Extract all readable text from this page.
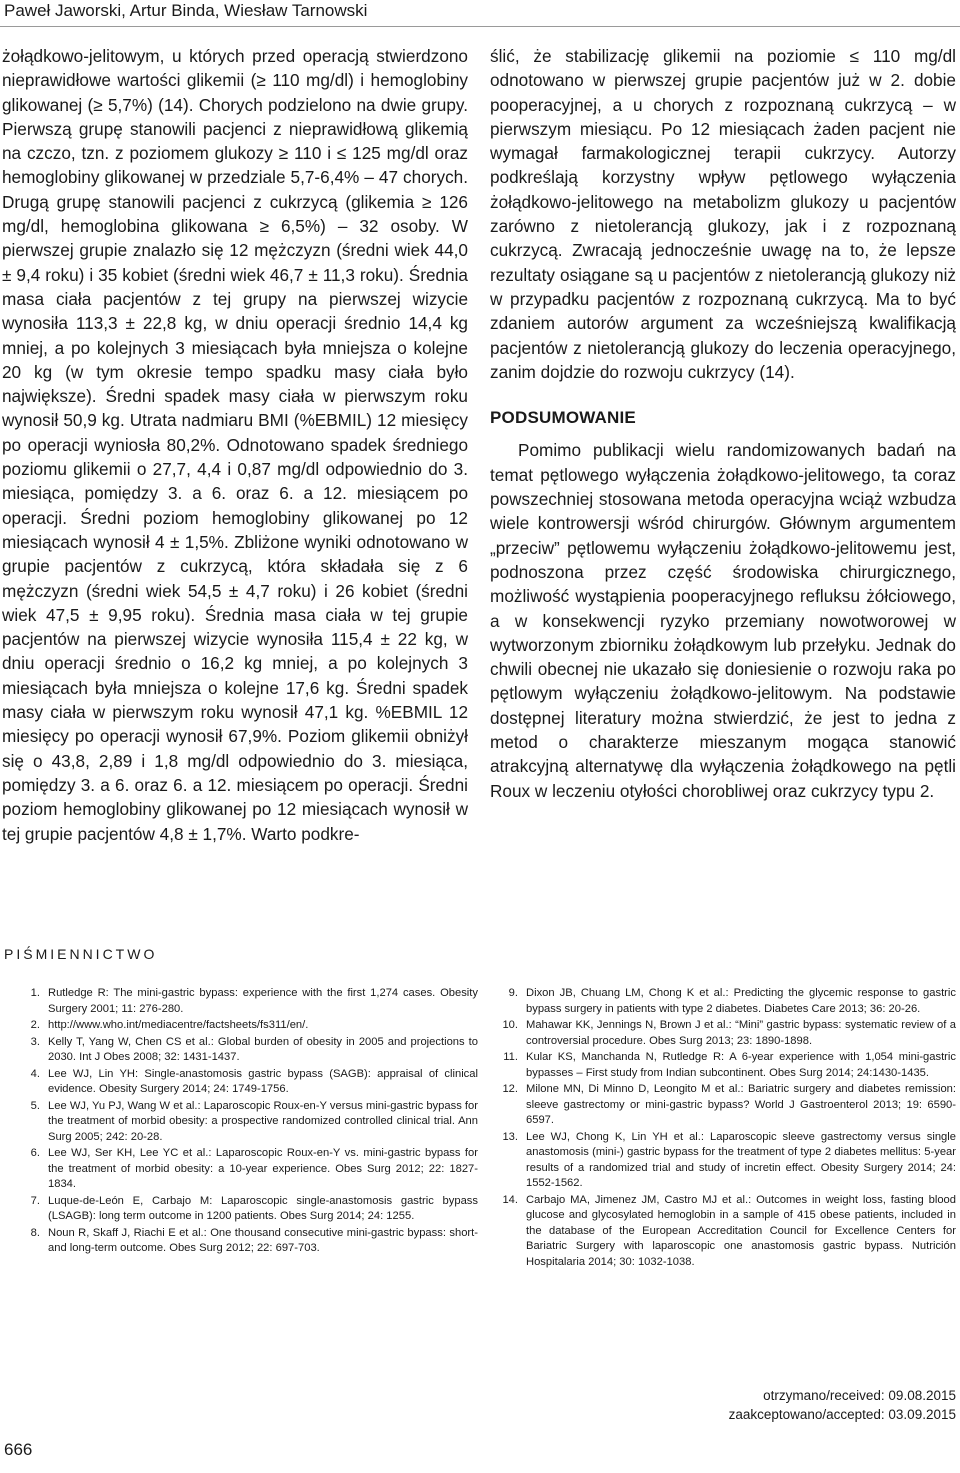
Paweł Jaworski, Artur Binda, Wiesław Tarnowski

żołądkowo-jelitowym, u których przed operacją stwierdzono nieprawidłowe wartości glikemii (≥ 110 mg/dl) i hemoglobiny glikowanej (≥ 5,7%) (14). Chorych podzielono na dwie grupy. Pierwszą grupę stanowili pacjenci z nieprawidłową glikemią na czczo, tzn. z poziomem glukozy ≥ 110 i ≤ 125 mg/dl oraz hemoglobiny glikowanej w przedziale 5,7-6,4% – 47 chorych. Drugą grupę stanowili pacjenci z cukrzycą (glikemia ≥ 126 mg/dl, hemoglobina glikowana ≥ 6,5%) – 32 osoby. W pierwszej grupie znalazło się 12 mężczyzn (średni wiek 44,0 ± 9,4 roku) i 35 kobiet (średni wiek 46,7 ± 11,3 roku). Średnia masa ciała pacjentów z tej grupy na pierwszej wizycie wynosiła 113,3 ± 22,8 kg, w dniu operacji średnio 14,4 kg mniej, a po kolejnych 3 miesiącach była mniejsza o kolejne 20 kg (w tym okresie tempo spadku masy ciała było największe). Średni spadek masy ciała w pierwszym roku wynosił 50,9 kg. Utrata nadmiaru BMI (%EBMIL) 12 miesięcy po operacji wyniosła 80,2%. Odnotowano spadek średniego poziomu glikemii o 27,7, 4,4 i 0,87 mg/dl odpowiednio do 3. miesiąca, pomiędzy 3. a 6. oraz 6. a 12. miesiącem po operacji. Średni poziom hemoglobiny glikowanej po 12 miesiącach wynosił 4 ± 1,5%. Zbliżone wyniki odnotowano w grupie pacjentów z cukrzycą, która składała się z 6 mężczyzn (średni wiek 54,5 ± 4,7 roku) i 26 kobiet (średni wiek 47,5 ± 9,95 roku). Średnia masa ciała w tej grupie pacjentów na pierwszej wizycie wynosiła 115,4 ± 22 kg, w dniu operacji średnio o 16,2 kg mniej, a po kolejnych 3 miesiącach była mniejsza o kolejne 17,6 kg. Średni spadek masy ciała w pierwszym roku wynosił 47,1 kg. %EBMIL 12 miesięcy po operacji wynosił 67,9%. Poziom glikemii obniżył się o 43,8, 2,89 i 1,8 mg/dl odpowiednio do 3. miesiąca, pomiędzy 3. a 6. oraz 6. a 12. miesiącem po operacji. Średni poziom hemoglobiny glikowanej po 12 miesiącach wynosił w tej grupie pacjentów 4,8 ± 1,7%. Warto podkre-

ślić, że stabilizację glikemii na poziomie ≤ 110 mg/dl odnotowano w pierwszej grupie pacjentów już w 2. dobie pooperacyjnej, a u chorych z rozpoznaną cukrzycą – w pierwszym miesiącu. Po 12 miesiącach żaden pacjent nie wymagał farmakologicznej terapii cukrzycy. Autorzy podkreślają korzystny wpływ pętlowego wyłączenia żołądkowo-jelitowego na metabolizm glukozy u pacjentów zarówno z nietolerancją glukozy, jak i z rozpoznaną cukrzycą. Zwracają jednocześnie uwagę na to, że lepsze rezultaty osiągane są u pacjentów z nietolerancją glukozy niż w przypadku pacjentów z rozpoznaną cukrzycą. Ma to być zdaniem autorów argument za wcześniejszą kwalifikacją pacjentów z nietolerancją glukozy do leczenia operacyjnego, zanim dojdzie do rozwoju cukrzycy (14).

PODSUMOWANIE

Pomimo publikacji wielu randomizowanych badań na temat pętlowego wyłączenia żołądkowo-jelitowego, ta coraz powszechniej stosowana metoda operacyjna wciąż wzbudza wiele kontrowersji wśród chirurgów. Głównym argumentem „przeciw” pętlowemu wyłączeniu żołądkowo-jelitowemu jest, podnoszona przez część środowiska chirurgicznego, możliwość wystąpienia pooperacyjnego refluksu żółciowego, a w konsekwencji ryzyko przemiany nowotworowej w wytworzonym zbiorniku żołądkowym lub przełyku. Jednak do chwili obecnej nie ukazało się doniesienie o rozwoju raka po pętlowym wyłączeniu żołądkowo-jelitowym. Na podstawie dostępnej literatury można stwierdzić, że jest to jedna z metod o charakterze mieszanym mogąca stanowić atrakcyjną alternatywę dla wyłączenia żołądkowego na pętli Roux w leczeniu otyłości chorobliwej oraz cukrzycy typu 2.

PIŚMIENNICTWO
1. Rutledge R: The mini-gastric bypass: experience with the first 1,274 cases. Obesity Surgery 2001; 11: 276-280.
2. http://www.who.int/mediacentre/factsheets/fs311/en/.
3. Kelly T, Yang W, Chen CS et al.: Global burden of obesity in 2005 and projections to 2030. Int J Obes 2008; 32: 1431-1437.
4. Lee WJ, Lin YH: Single-anastomosis gastric bypass (SAGB): appraisal of clinical evidence. Obesity Surgery 2014; 24: 1749-1756.
5. Lee WJ, Yu PJ, Wang W et al.: Laparoscopic Roux-en-Y versus mini-gastric bypass for the treatment of morbid obesity: a prospective randomized controlled clinical trial. Ann Surg 2005; 242: 20-28.
6. Lee WJ, Ser KH, Lee YC et al.: Laparoscopic Roux-en-Y vs. mini-gastric bypass for the treatment of morbid obesity: a 10-year experience. Obes Surg 2012; 22: 1827-1834.
7. Luque-de-León E, Carbajo M: Laparoscopic single-anastomosis gastric bypass (LSAGB): long term outcome in 1200 patients. Obes Surg 2014; 24: 1255.
8. Noun R, Skaff J, Riachi E et al.: One thousand consecutive mini-gastric bypass: short- and long-term outcome. Obes Surg 2012; 22: 697-703.
9. Dixon JB, Chuang LM, Chong K et al.: Predicting the glycemic response to gastric bypass surgery in patients with type 2 diabetes. Diabetes Care 2013; 36: 20-26.
10. Mahawar KK, Jennings N, Brown J et al.: “Mini” gastric bypass: systematic review of a controversial procedure. Obes Surg 2013; 23: 1890-1898.
11. Kular KS, Manchanda N, Rutledge R: A 6-year experience with 1,054 mini-gastric bypasses – First study from Indian subcontinent. Obes Surg 2014; 24:1430-1435.
12. Milone MN, Di Minno D, Leongito M et al.: Bariatric surgery and diabetes remission: sleeve gastrectomy or mini-gastric bypass? World J Gastroenterol 2013; 19: 6590-6597.
13. Lee WJ, Chong K, Lin YH et al.: Laparoscopic sleeve gastrectomy versus single anastomosis (mini-) gastric bypass for the treatment of type 2 diabetes mellitus: 5-year results of a randomized trial and study of incretin effect. Obesity Surgery 2014; 24: 1552-1562.
14. Carbajo MA, Jimenez JM, Castro MJ et al.: Outcomes in weight loss, fasting blood glucose and glycosylated hemoglobin in a sample of 415 obese patients, included in the database of the European Accreditation Council for Excellence Centers for Bariatric Surgery with laparoscopic one anastomosis gastric bypass. Nutrición Hospitalaria 2014; 30: 1032-1038.
otrzymano/received: 09.08.2015
zaakceptowano/accepted: 03.09.2015
666
